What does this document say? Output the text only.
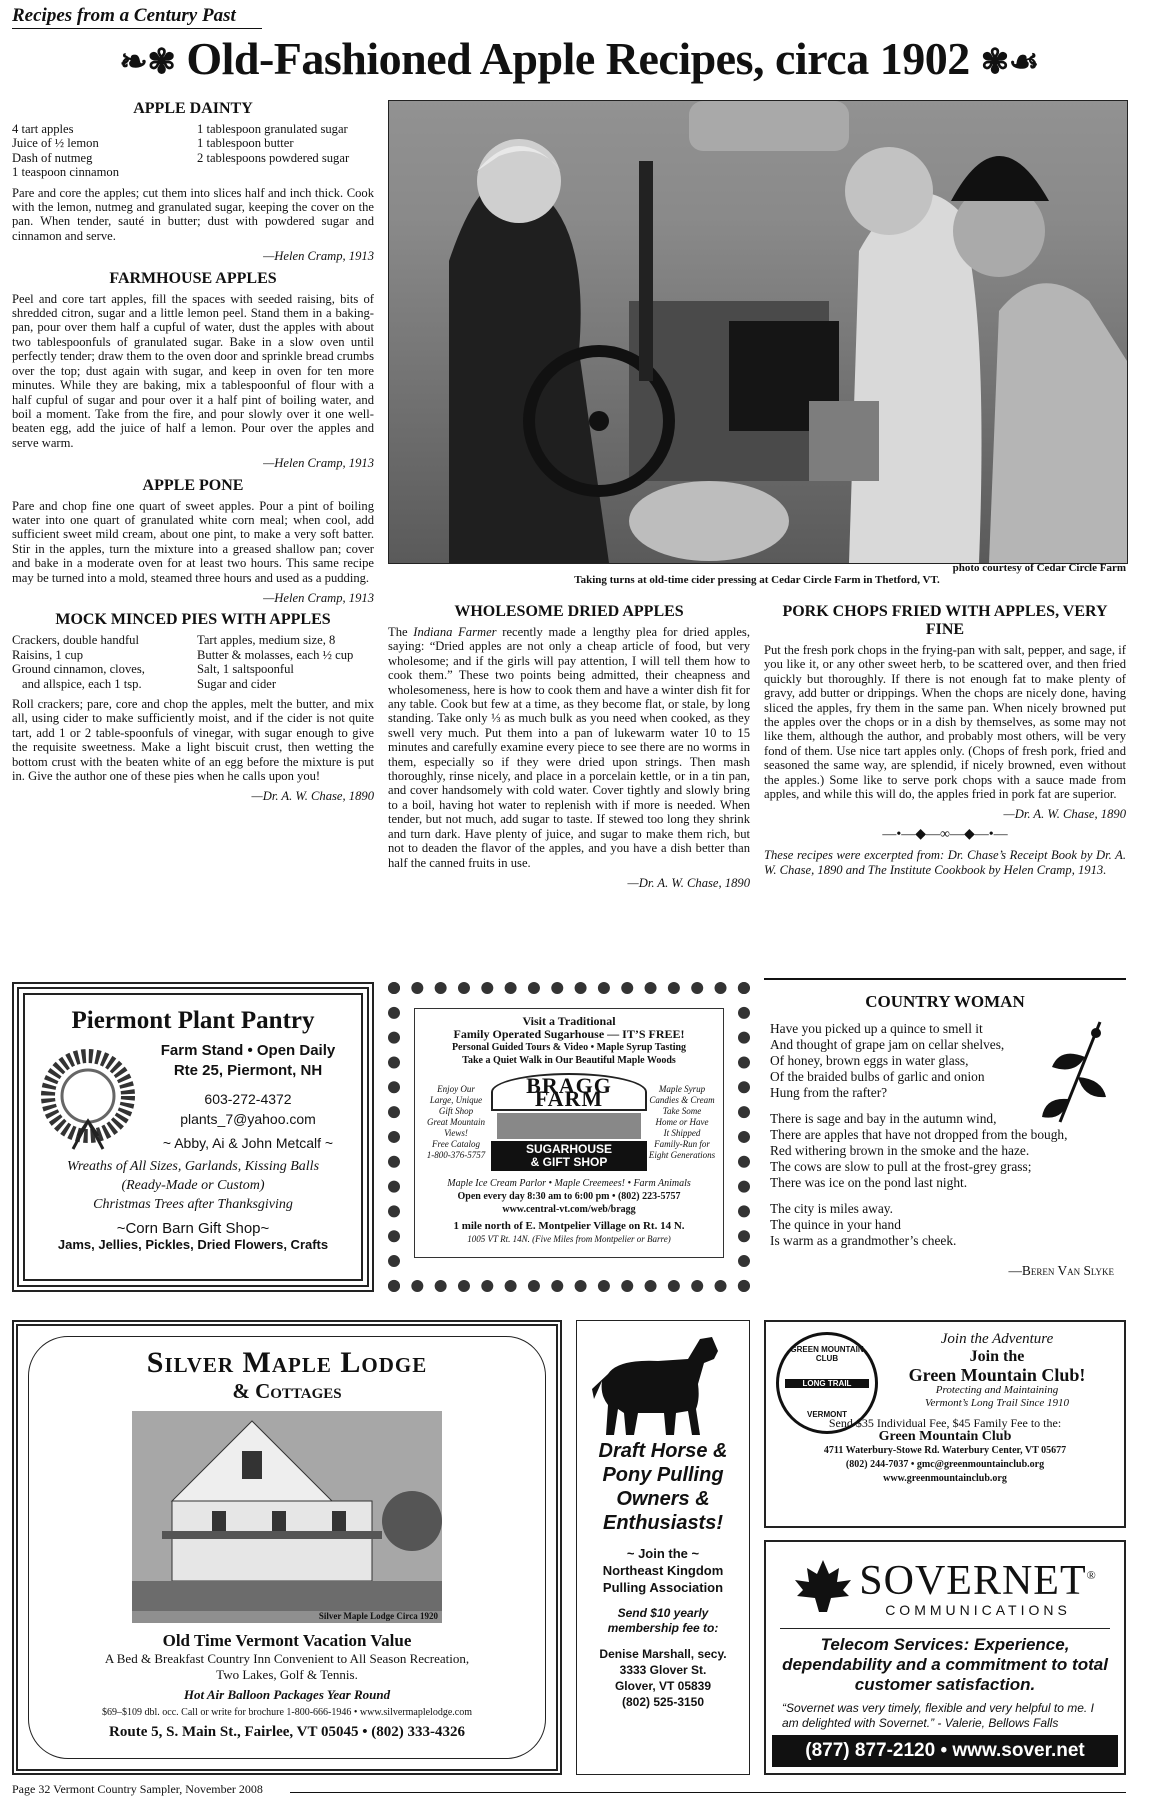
Recipes from a Century Past
❧✾ Old-Fashioned Apple Recipes, circa 1902 ✾☙
APPLE DAINTY
4 tart apples
Juice of ½ lemon
Dash of nutmeg
1 teaspoon cinnamon
1 tablespoon granulated sugar
1 tablespoon butter
2 tablespoons powdered sugar

Pare and core the apples; cut them into slices half and inch thick. Cook with the lemon, nutmeg and granulated sugar, keeping the cover on the pan. When tender, sauté in butter; dust with powdered sugar and cinnamon and serve.

—Helen Cramp, 1913

FARMHOUSE APPLES

Peel and core tart apples, fill the spaces with seeded raising, bits of shredded citron, sugar and a little lemon peel. Stand them in a baking-pan, pour over them half a cupful of water, dust the apples with about two tablespoonfuls of granulated sugar. Bake in a slow oven until perfectly tender; draw them to the oven door and sprinkle bread crumbs over the top; dust again with sugar, and keep in oven for ten more minutes. While they are baking, mix a tablespoonful of flour with a half cupful of sugar and pour over it a half pint of boiling water, and boil a moment. Take from the fire, and pour slowly over it one well-beaten egg, add the juice of half a lemon. Pour over the apples and serve warm.

—Helen Cramp, 1913

APPLE PONE

Pare and chop fine one quart of sweet apples. Pour a pint of boiling water into one quart of granulated white corn meal; when cool, add sufficient sweet mild cream, about one pint, to make a very soft batter. Stir in the apples, turn the mixture into a greased shallow pan; cover and bake in a moderate oven for at least two hours. This same recipe may be turned into a mold, steamed three hours and used as a pudding.

—Helen Cramp, 1913

MOCK MINCED PIES WITH APPLES
Crackers, double handful
Raisins, 1 cup
Ground cinnamon, cloves,
and allspice, each 1 tsp.
Tart apples, medium size, 8
Butter & molasses, each ½ cup
Salt, 1 saltspoonful
Sugar and cider

Roll crackers; pare, core and chop the apples, melt the butter, and mix all, using cider to make sufficiently moist, and if the cider is not quite tart, add 1 or 2 table-spoonfuls of vinegar, with sugar enough to give the requisite sweetness. Make a light biscuit crust, then wetting the bottom crust with the beaten white of an egg before the mixture is put in. Give the author one of these pies when he calls upon you!

—Dr. A. W. Chase, 1890

photo courtesy of Cedar Circle Farm
Taking turns at old-time cider pressing at Cedar Circle Farm in Thetford, VT.
WHOLESOME DRIED APPLES

The Indiana Farmer recently made a lengthy plea for dried apples, saying: “Dried apples are not only a cheap article of food, but very wholesome; and if the girls will pay attention, I will tell them how to cook them.” These two points being admitted, their cheapness and wholesomeness, here is how to cook them and have a winter dish fit for any table. Cook but few at a time, as they become flat, or stale, by long standing. Take only ⅓ as much bulk as you need when cooked, as they swell very much. Put them into a pan of lukewarm water 10 to 15 minutes and carefully examine every piece to see there are no worms in them, especially so if they were dried upon strings. Then mash thoroughly, rinse nicely, and place in a porcelain kettle, or in a tin pan, and cover handsomely with cold water. Cover tightly and slowly bring to a boil, having hot water to replenish with if more is needed. When tender, but not much, add sugar to taste. If stewed too long they shrink and turn dark. Have plenty of juice, and sugar to make them rich, but not to deaden the flavor of the apples, and you have a dish better than half the canned fruits in use.

—Dr. A. W. Chase, 1890

PORK CHOPS FRIED WITH APPLES, VERY FINE

Put the fresh pork chops in the frying-pan with salt, pepper, and sage, if you like it, or any other sweet herb, to be scattered over, and then fried quickly but thoroughly. If there is not enough fat to make plenty of gravy, add butter or drippings. When the chops are nicely done, having sliced the apples, fry them in the same pan. When nicely browned put the apples over the chops or in a dish by themselves, as some may not like them, although the author, and probably most others, will be very fond of them. Use nice tart apples only. (Chops of fresh pork, fried and seasoned the same way, are splendid, if nicely browned, even without the apples.) Some like to serve pork chops with a sauce made from apples, and while this will do, the apples fried in pork fat are superior.

—Dr. A. W. Chase, 1890

—•—◆—∞—◆—•—

These recipes were excerpted from: Dr. Chase’s Receipt Book by Dr. A. W. Chase, 1890 and The Institute Cookbook by Helen Cramp, 1913.

Piermont Plant Pantry
Farm Stand • Open Daily
Rte 25, Piermont, NH
603-272-4372
plants_7@yahoo.com
~ Abby, Ai & John Metcalf ~
Wreaths of All Sizes, Garlands, Kissing Balls
(Ready-Made or Custom)
Christmas Trees after Thanksgiving
~Corn Barn Gift Shop~
Jams, Jellies, Pickles, Dried Flowers, Crafts
Visit a Traditional
Family Operated Sugarhouse — IT’S FREE!
Personal Guided Tours & Video • Maple Syrup Tasting
Take a Quiet Walk in Our Beautiful Maple Woods
Enjoy Our
Large, Unique
Gift Shop
Great Mountain
Views!
Free Catalog
1-800-376-5757
BRAGG FARM
SUGARHOUSE
& GIFT SHOP
Maple Syrup
Candies & Cream
Take Some
Home or Have
It Shipped
Family-Run for
Eight Generations
Maple Ice Cream Parlor • Maple Creemees! • Farm Animals
Open every day 8:30 am to 6:00 pm • (802) 223-5757
www.central-vt.com/web/bragg
1 mile north of E. Montpelier Village on Rt. 14 N.
1005 VT Rt. 14N. (Five Miles from Montpelier or Barre)
COUNTRY WOMAN
Have you picked up a quince to smell it
And thought of grape jam on cellar shelves,
Of honey, brown eggs in water glass,
Of the braided bulbs of garlic and onion
Hung from the rafter?
There is sage and bay in the autumn wind,
There are apples that have not dropped from the bough,
Red withering brown in the smoke and the haze.
The cows are slow to pull at the frost-grey grass;
There was ice on the pond last night.
The city is miles away.
The quince in your hand
Is warm as a grandmother’s cheek.
—Beren Van Slyke
Silver Maple Lodge
& Cottages
Silver Maple Lodge Circa 1920
Old Time Vermont Vacation Value
A Bed & Breakfast Country Inn Convenient to All Season Recreation,
Two Lakes, Golf & Tennis.
Hot Air Balloon Packages Year Round
$69–$109 dbl. occ. Call or write for brochure 1-800-666-1946 • www.silvermaplelodge.com
Route 5, S. Main St., Fairlee, VT 05045 • (802) 333-4326
Draft Horse &
Pony Pulling
Owners &
Enthusiasts!
~ Join the ~
Northeast Kingdom
Pulling Association
Send $10 yearly
membership fee to:
Denise Marshall, secy.
3333 Glover St.
Glover, VT 05839
(802) 525-3150
GREEN MOUNTAIN CLUB
LONG TRAIL
VERMONT
Join the Adventure
Join the
Green Mountain Club!
Protecting and Maintaining
Vermont’s Long Trail Since 1910
Send $35 Individual Fee, $45 Family Fee to the:
Green Mountain Club
4711 Waterbury-Stowe Rd. Waterbury Center, VT 05677
(802) 244-7037 • gmc@greenmountainclub.org
www.greenmountainclub.org
SOVERNET®
COMMUNICATIONS
Telecom Services: Experience, dependability and a commitment to total customer satisfaction.
“Sovernet was very timely, flexible and very helpful to me. I am delighted with Sovernet.” - Valerie, Bellows Falls
(877) 877-2120 • www.sover.net
Page 32 Vermont Country Sampler, November 2008
